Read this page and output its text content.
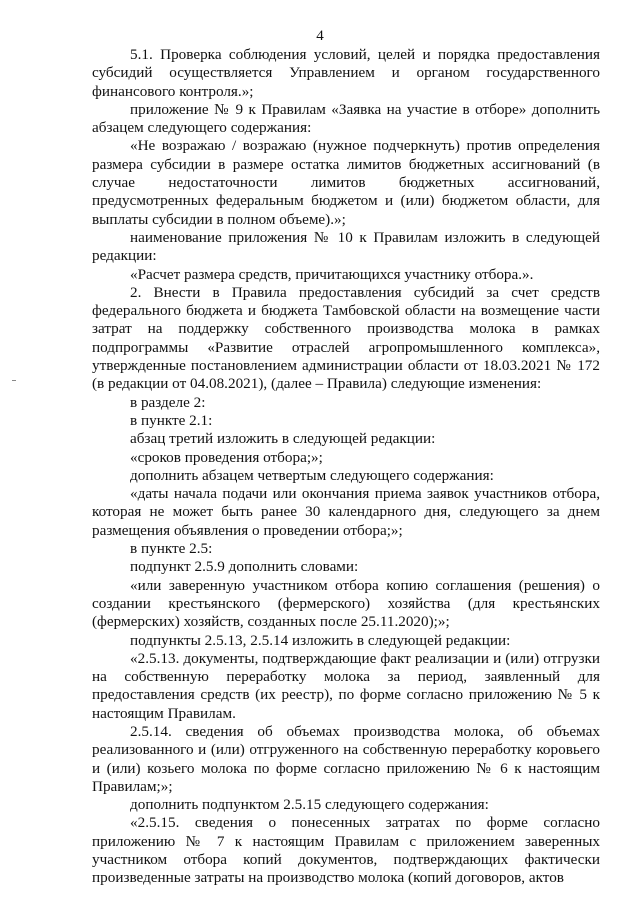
4

5.1. Проверка соблюдения условий, целей и порядка предоставления субсидий осуществляется Управлением и органом государственного финансового контроля.»;

приложение № 9 к Правилам «Заявка на участие в отборе» дополнить абзацем следующего содержания:

«Не возражаю / возражаю (нужное подчеркнуть) против определения размера субсидии в размере остатка лимитов бюджетных ассигнований (в случае недостаточности лимитов бюджетных ассигнований, предусмотренных федеральным бюджетом и (или) бюджетом области, для выплаты субсидии в полном объеме).»;

наименование приложения № 10 к Правилам изложить в следующей редакции:

«Расчет размера средств, причитающихся участнику отбора.».

2. Внести в Правила предоставления субсидий за счет средств федерального бюджета и бюджета Тамбовской области на возмещение части затрат на поддержку собственного производства молока в рамках подпрограммы «Развитие отраслей агропромышленного комплекса», утвержденные постановлением администрации области от 18.03.2021 № 172 (в редакции от 04.08.2021), (далее – Правила) следующие изменения:

в разделе 2:

в пункте 2.1:

абзац третий изложить в следующей редакции:

«сроков проведения отбора;»;

дополнить абзацем четвертым следующего содержания:

«даты начала подачи или окончания приема заявок участников отбора, которая не может быть ранее 30 календарного дня, следующего за днем размещения объявления о проведении отбора;»;

в пункте 2.5:

подпункт 2.5.9 дополнить словами:

«или заверенную участником отбора копию соглашения (решения) о создании крестьянского (фермерского) хозяйства (для крестьянских (фермерских) хозяйств, созданных после 25.11.2020);»;

подпункты 2.5.13, 2.5.14 изложить в следующей редакции:

«2.5.13. документы, подтверждающие факт реализации и (или) отгрузки на собственную переработку молока за период, заявленный для предоставления средств (их реестр), по форме согласно приложению № 5 к настоящим Правилам.

2.5.14. сведения об объемах производства молока, об объемах реализованного и (или) отгруженного на собственную переработку коровьего и (или) козьего молока по форме согласно приложению № 6 к настоящим Правилам;»;

дополнить подпунктом 2.5.15 следующего содержания:

«2.5.15. сведения о понесенных затратах по форме согласно приложению № 7 к настоящим Правилам с приложением заверенных участником отбора копий документов, подтверждающих фактически произведенные затраты на производство молока (копий договоров, актов
